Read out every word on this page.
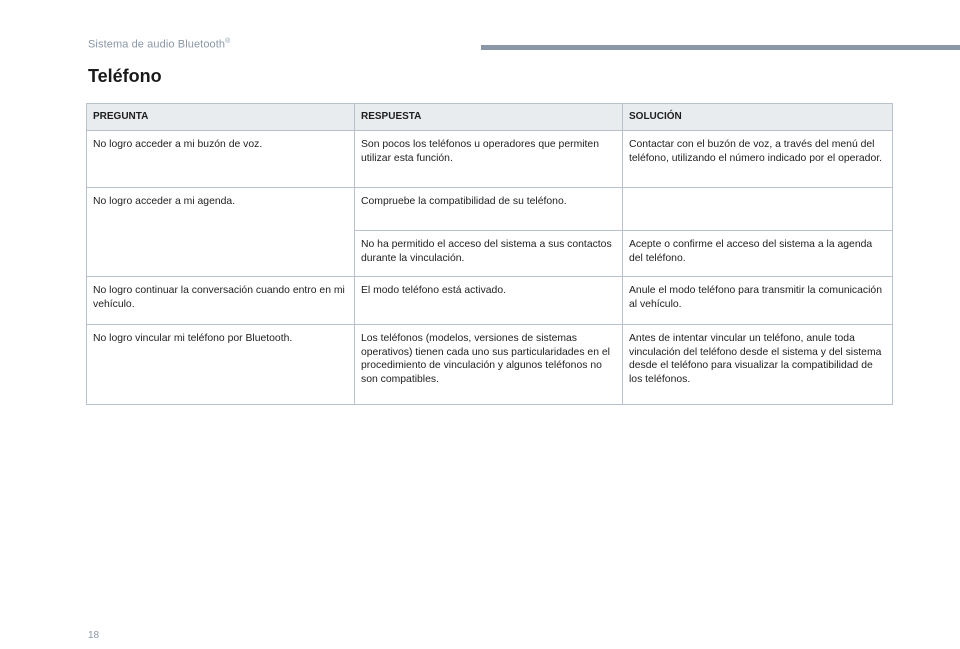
Sistema de audio Bluetooth®
Teléfono
PREGUNTA	RESPUESTA	SOLUCIÓN
No logro acceder a mi buzón de voz.	Son pocos los teléfonos u operadores que permiten utilizar esta función.	Contactar con el buzón de voz, a través del menú del teléfono, utilizando el número indicado por el operador.
No logro acceder a mi agenda.	Compruebe la compatibilidad de su teléfono.	
	No ha permitido el acceso del sistema a sus contactos durante la vinculación.	Acepte o confirme el acceso del sistema a la agenda del teléfono.
No logro continuar la conversación cuando entro en mi vehículo.	El modo teléfono está activado.	Anule el modo teléfono para transmitir la comunicación al vehículo.
No logro vincular mi teléfono por Bluetooth.	Los teléfonos (modelos, versiones de sistemas operativos) tienen cada uno sus particularidades en el procedimiento de vinculación y algunos teléfonos no son compatibles.	Antes de intentar vincular un teléfono, anule toda vinculación del teléfono desde el sistema y del sistema desde el teléfono para visualizar la compatibilidad de los teléfonos.
18
